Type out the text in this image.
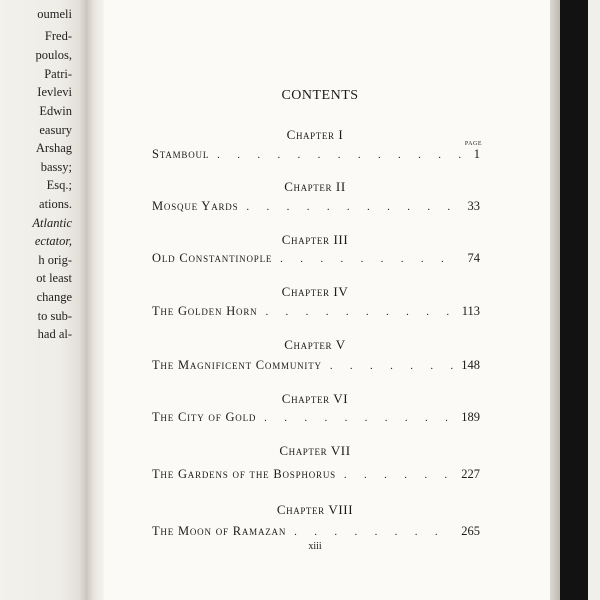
oumeli
Fred-
poulos,
Patri-
Ievlevi
Edwin
easury
Arshag
bassy;
Esq.;
ations.
Atlantic
ectator,
h orig-
ot least
change
to sub-
had al-
CONTENTS
PAGE
Chapter I
Stamboul . . .	1
Chapter II
Mosque Yards . . .	33
Chapter III
Old Constantinople . . .	74
Chapter IV
The Golden Horn . . .	113
Chapter V
The Magnificent Community . . .	148
Chapter VI
The City of Gold . . .	189
Chapter VII
The Gardens of the Bosphorus . . .	227
Chapter VIII
The Moon of Ramazan . . .	265
xiii
